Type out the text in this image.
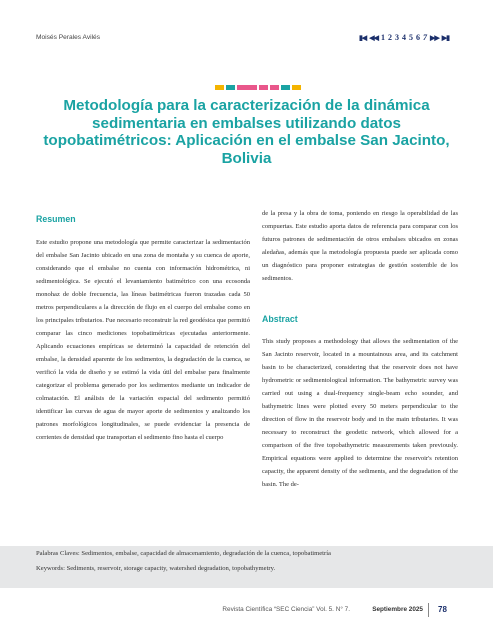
Moisés Perales Avilés	▮◀ ◀◀ 1 2 3 4 5 6 7 ▶▶ ▶▮
Metodología para la caracterización de la dinámica sedimentaria en embalses utilizando datos topobatimétricos: Aplicación en el embalse San Jacinto, Bolivia
Resumen

Este estudio propone una metodología que permite caracterizar la sedimentación del embalse San Jacinto ubicado en una zona de montaña y su cuenca de aporte, considerando que el embalse no cuenta con información hidrométrica, ni sedimentológica. Se ejecutó el levantamiento batimétrico con una ecosonda monohaz de doble frecuencia, las líneas batimétricas fueron trazadas cada 50 metros perpendiculares a la dirección de flujo en el cuerpo del embalse como en los principales tributarios. Fue necesario reconstruir la red geodésica que permitió comparar las cinco mediciones topobatimétricas ejecutadas anteriormente. Aplicando ecuaciones empíricas se determinó la capacidad de retención del embalse, la densidad aparente de los sedimentos, la degradación de la cuenca, se verificó la vida de diseño y se estimó la vida útil del embalse para finalmente categorizar el problema generado por los sedimentos mediante un indicador de colmatación. El análisis de la variación espacial del sedimento permitió identificar las curvas de agua de mayor aporte de sedimentos y analizando los patrones morfológicos longitudinales, se puede evidenciar la presencia de corrientes de densidad que transportan el sedimento fino hasta el cuerpo

de la presa y la obra de toma, poniendo en riesgo la operabilidad de las compuertas. Este estudio aporta datos de referencia para comparar con los futuros patrones de sedimentación de otros embalses ubicados en zonas aledañas, además que la metodología propuesta puede ser aplicada como un diagnóstico para proponer estrategias de gestión sostenible de los sedimentos.

Abstract

This study proposes a methodology that allows the sedimentation of the San Jacinto reservoir, located in a mountainous area, and its catchment basin to be characterized, considering that the reservoir does not have hydrometric or sedimentological information. The bathymetric survey was carried out using a dual-frequency single-beam echo sounder, and bathymetric lines were plotted every 50 meters perpendicular to the direction of flow in the reservoir body and in the main tributaries. It was necessary to reconstruct the geodetic network, which allowed for a comparison of the five topobathymetric measurements taken previously. Empirical equations were applied to determine the reservoir's retention capacity, the apparent density of the sediments, and the degradation of the basin. The de-

Palabras Claves: Sedimentos, embalse, capacidad de almacenamiento, degradación de la cuenca, topobatimetría
Keywords: Sediments, reservoir, storage capacity, watershed degradation, topobathymetry.
Revista Científica “SEC Ciencia” Vol. 5. N° 7.	Septiembre 2025 78
